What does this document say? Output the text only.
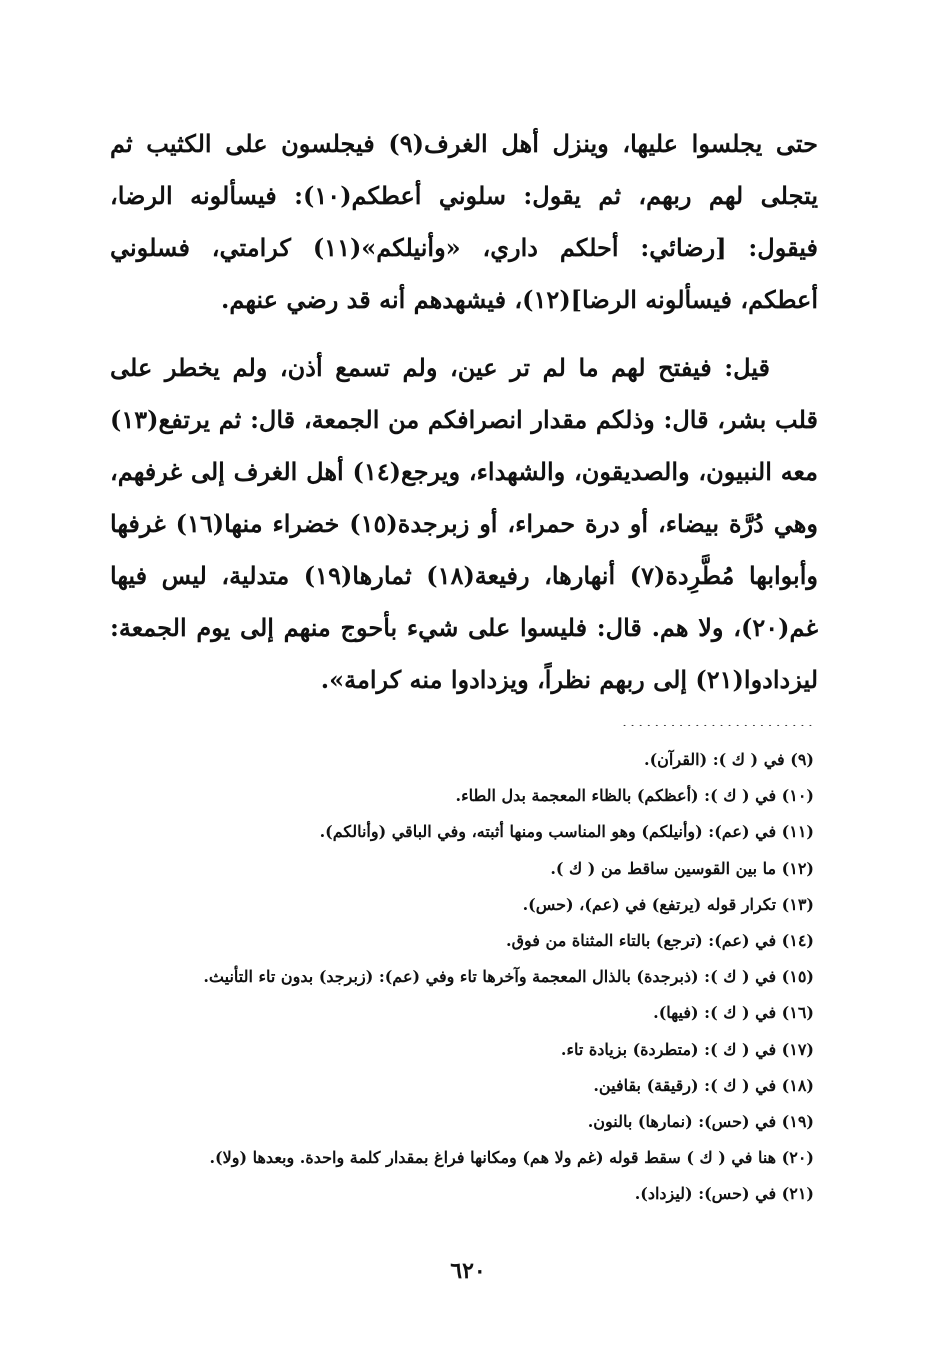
حتى يجلسوا عليها، وينزل أهل الغرف(٩) فيجلسون على الكثيب ثم يتجلى لهم ربهم، ثم يقول: سلوني أعطكم(١٠): فيسألونه الرضا، فيقول: [رضائي: أحلكم داري، «وأنيلكم»(١١) كرامتي، فسلوني أعطكم، فيسألونه الرضا](١٢)، فيشهدهم أنه قد رضي عنهم.

قيل: فيفتح لهم ما لم تر عين، ولم تسمع أذن، ولم يخطر على قلب بشر، قال: وذلكم مقدار انصرافكم من الجمعة، قال: ثم يرتفع(١٣) معه النبيون، والصديقون، والشهداء، ويرجع(١٤) أهل الغرف إلى غرفهم، وهي دُرَّة بيضاء، أو درة حمراء، أو زبرجدة(١٥) خضراء منها(١٦) غرفها وأبوابها مُطَّرِدة(٧) أنهارها، رفيعة(١٨) ثمارها(١٩) متدلية، ليس فيها غم(٢٠)، ولا هم. قال: فليسوا على شيء بأحوج منهم إلى يوم الجمعة: ليزدادوا(٢١) إلى ربهم نظراً، ويزدادوا منه كرامة».

........................
(٩) في ( ك ): (القرآن).
(١٠) في ( ك ): (أعظكم) بالظاء المعجمة بدل الطاء.
(١١) في (عم): (وأنيلكم) وهو المناسب ومنها أثبته، وفي الباقي (وأنالكم).
(١٢) ما بين القوسين ساقط من ( ك ).
(١٣) تكرار قوله (يرتفع) في (عم)، (حس).
(١٤) في (عم): (ترجع) بالتاء المثناة من فوق.
(١٥) في ( ك ): (ذبرجدة) بالذال المعجمة وآخرها تاء وفي (عم): (زبرجد) بدون تاء التأنيث.
(١٦) في ( ك ): (فيها).
(١٧) في ( ك ): (متطردة) بزيادة تاء.
(١٨) في ( ك ): (رقيقة) بقافين.
(١٩) في (حس): (نمارها) بالنون.
(٢٠) هنا في ( ك ) سقط قوله (غم ولا هم) ومكانها فراغ بمقدار كلمة واحدة. وبعدها (ولا).
(٢١) في (حس): (ليزداد).
٦٢٠
